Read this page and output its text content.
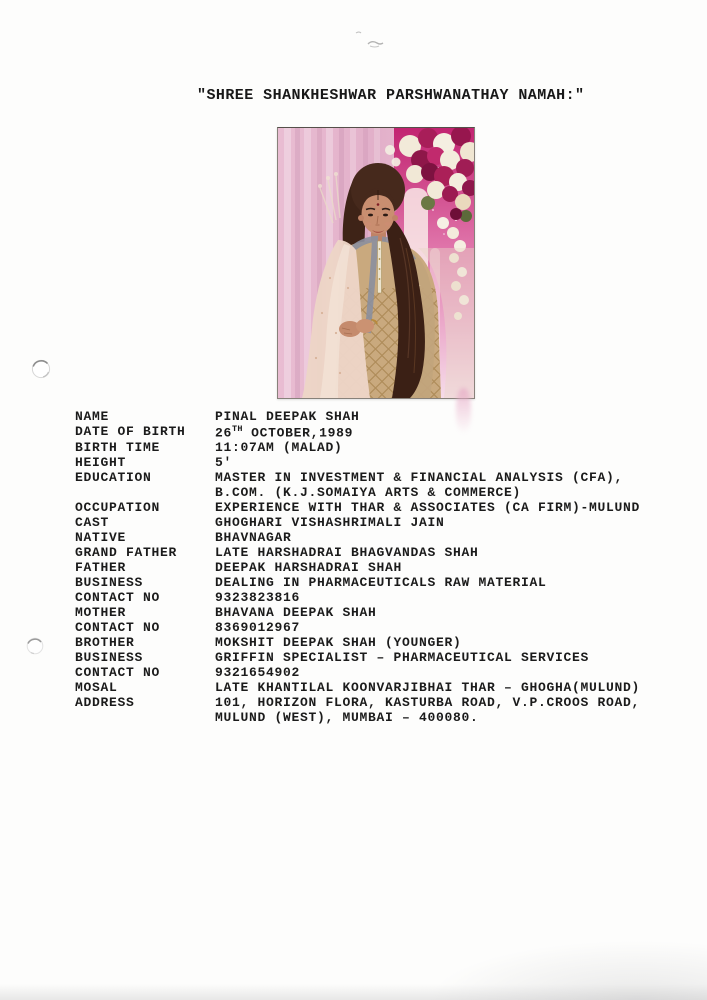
"SHREE SHANKHESHWAR PARSHWANATHAY NAMAH:"
NAME	PINAL DEEPAK SHAH
DATE OF BIRTH	26TH OCTOBER,1989
BIRTH TIME	11:07AM (MALAD)
HEIGHT	5'
EDUCATION	MASTER IN INVESTMENT & FINANCIAL ANALYSIS (CFA),
B.COM. (K.J.SOMAIYA ARTS & COMMERCE)
OCCUPATION	EXPERIENCE WITH THAR & ASSOCIATES (CA FIRM)-MULUND
CAST	GHOGHARI VISHASHRIMALI JAIN
NATIVE	BHAVNAGAR
GRAND FATHER	LATE HARSHADRAI BHAGVANDAS SHAH
FATHER	DEEPAK HARSHADRAI SHAH
BUSINESS	DEALING IN PHARMACEUTICALS RAW MATERIAL
CONTACT NO	9323823816
MOTHER	BHAVANA DEEPAK SHAH
CONTACT NO	8369012967
BROTHER	MOKSHIT DEEPAK SHAH (YOUNGER)
BUSINESS	GRIFFIN SPECIALIST – PHARMACEUTICAL SERVICES
CONTACT NO	9321654902
MOSAL	LATE KHANTILAL KOONVARJIBHAI THAR – GHOGHA(MULUND)
ADDRESS	101, HORIZON FLORA, KASTURBA ROAD, V.P.CROOS ROAD,
MULUND (WEST), MUMBAI – 400080.
